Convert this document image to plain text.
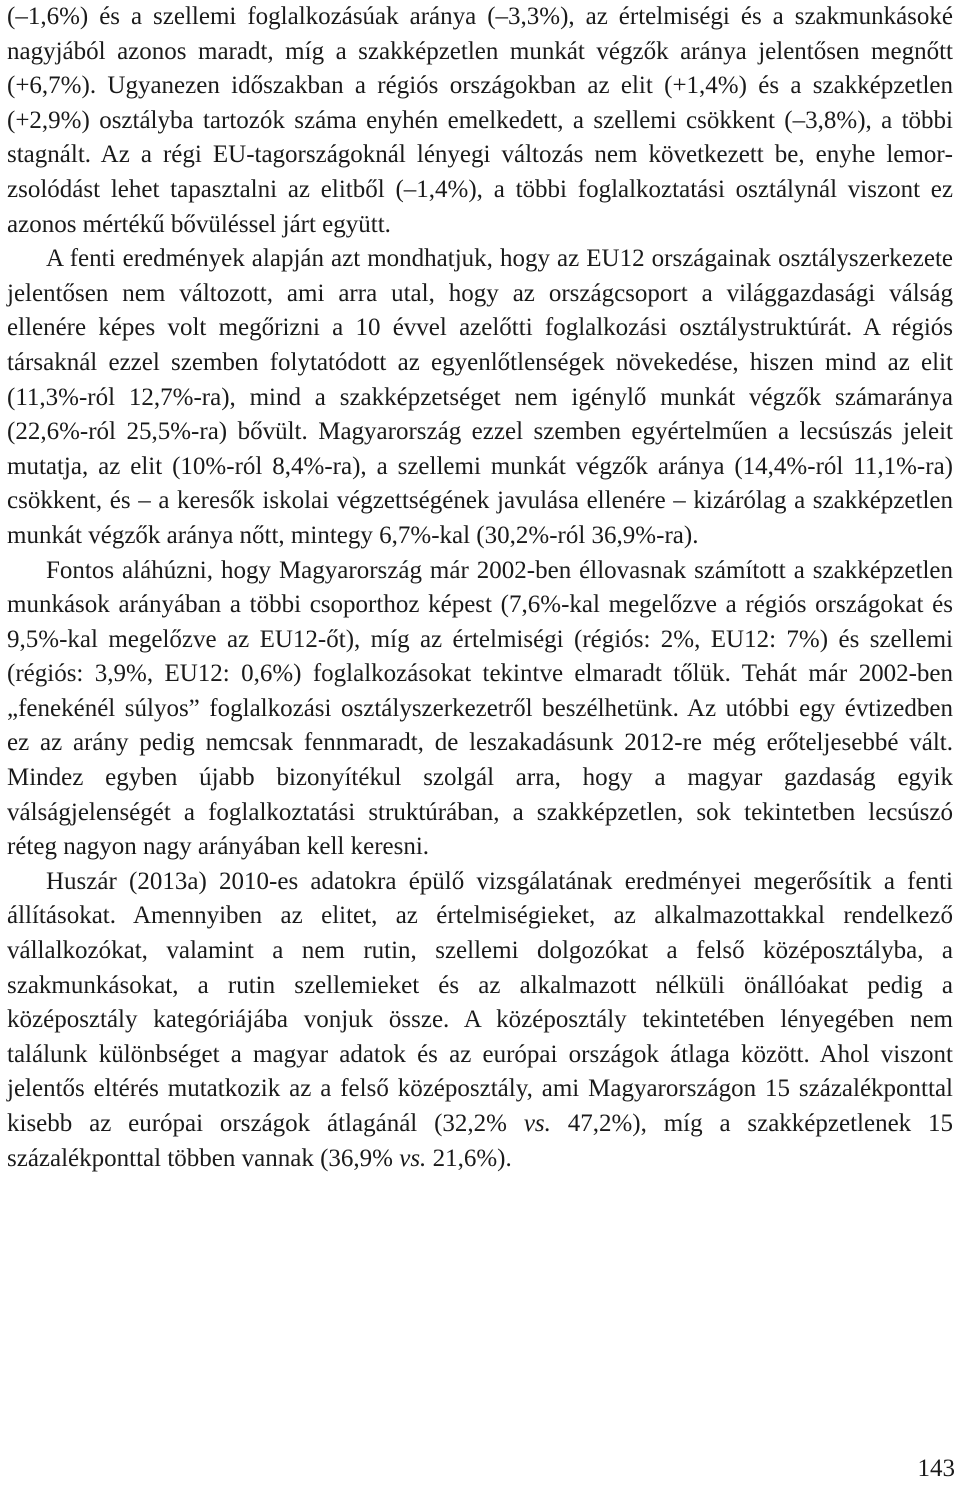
(–1,6%) és a szellemi foglalkozásúak aránya (–3,3%), az értelmiségi és a szakmunkásoké nagyjából azonos maradt, míg a szakképzetlen munkát végzők aránya jelentősen megnőtt (+6,7%). Ugyanezen időszakban a régiós országokban az elit (+1,4%) és a szakképzetlen (+2,9%) osztályba tartozók száma enyhén emelkedett, a szellemi csökkent (–3,8%), a többi stagnált. Az a régi EU-tagországoknál lényegi változás nem következett be, enyhe lemorzsolódást lehet tapasztalni az elitből (–1,4%), a többi foglalkoztatási osztálynál viszont ez azonos mértékű bővüléssel járt együtt.

A fenti eredmények alapján azt mondhatjuk, hogy az EU12 országainak osztályszerkezete jelentősen nem változott, ami arra utal, hogy az országcsoport a világgazdasági válság ellenére képes volt megőrizni a 10 évvel azelőtti foglalkozási osztálystruktúrát. A régiós társaknál ezzel szemben folytatódott az egyenlőtlenségek növekedése, hiszen mind az elit (11,3%-ról 12,7%-ra), mind a szakképzetséget nem igénylő munkát végzők számaránya (22,6%-ról 25,5%-ra) bővült. Magyarország ezzel szemben egyértelműen a lecsúszás jeleit mutatja, az elit (10%-ról 8,4%-ra), a szellemi munkát végzők aránya (14,4%-ról 11,1%-ra) csökkent, és – a keresők iskolai végzettségének javulása ellenére – kizárólag a szakképzetlen munkát végzők aránya nőtt, mintegy 6,7%-kal (30,2%-ról 36,9%-ra).

Fontos aláhúzni, hogy Magyarország már 2002-ben éllovasnak számított a szakképzetlen munkások arányában a többi csoporthoz képest (7,6%-kal megelőzve a régiós országokat és 9,5%-kal megelőzve az EU12-őt), míg az értelmiségi (régiós: 2%, EU12: 7%) és szellemi (régiós: 3,9%, EU12: 0,6%) foglalkozásokat tekintve elmaradt tőlük. Tehát már 2002-ben „fenekénél súlyos” foglalkozási osztályszerkezetről beszélhetünk. Az utóbbi egy évtizedben ez az arány pedig nemcsak fennmaradt, de leszakadásunk 2012-re még erőteljesebbé vált. Mindez egyben újabb bizonyítékul szolgál arra, hogy a magyar gazdaság egyik válságjelenségét a foglalkoztatási struktúrában, a szakképzetlen, sok tekintetben lecsúszó réteg nagyon nagy arányában kell keresni.

Huszár (2013a) 2010-es adatokra épülő vizsgálatának eredményei megerősítik a fenti állításokat. Amennyiben az elitet, az értelmiségieket, az alkalmazottakkal rendelkező vállalkozókat, valamint a nem rutin, szellemi dolgozókat a felső középosztályba, a szakmunkásokat, a rutin szellemieket és az alkalmazott nélküli önállóakat pedig a középosztály kategóriájába vonjuk össze. A középosztály tekintetében lényegében nem találunk különbséget a magyar adatok és az európai országok átlaga között. Ahol viszont jelentős eltérés mutatkozik az a felső középosztály, ami Magyarországon 15 százalékponttal kisebb az európai országok átlagánál (32,2% vs. 47,2%), míg a szakképzetlenek 15 százalékponttal többen vannak (36,9% vs. 21,6%).

143
